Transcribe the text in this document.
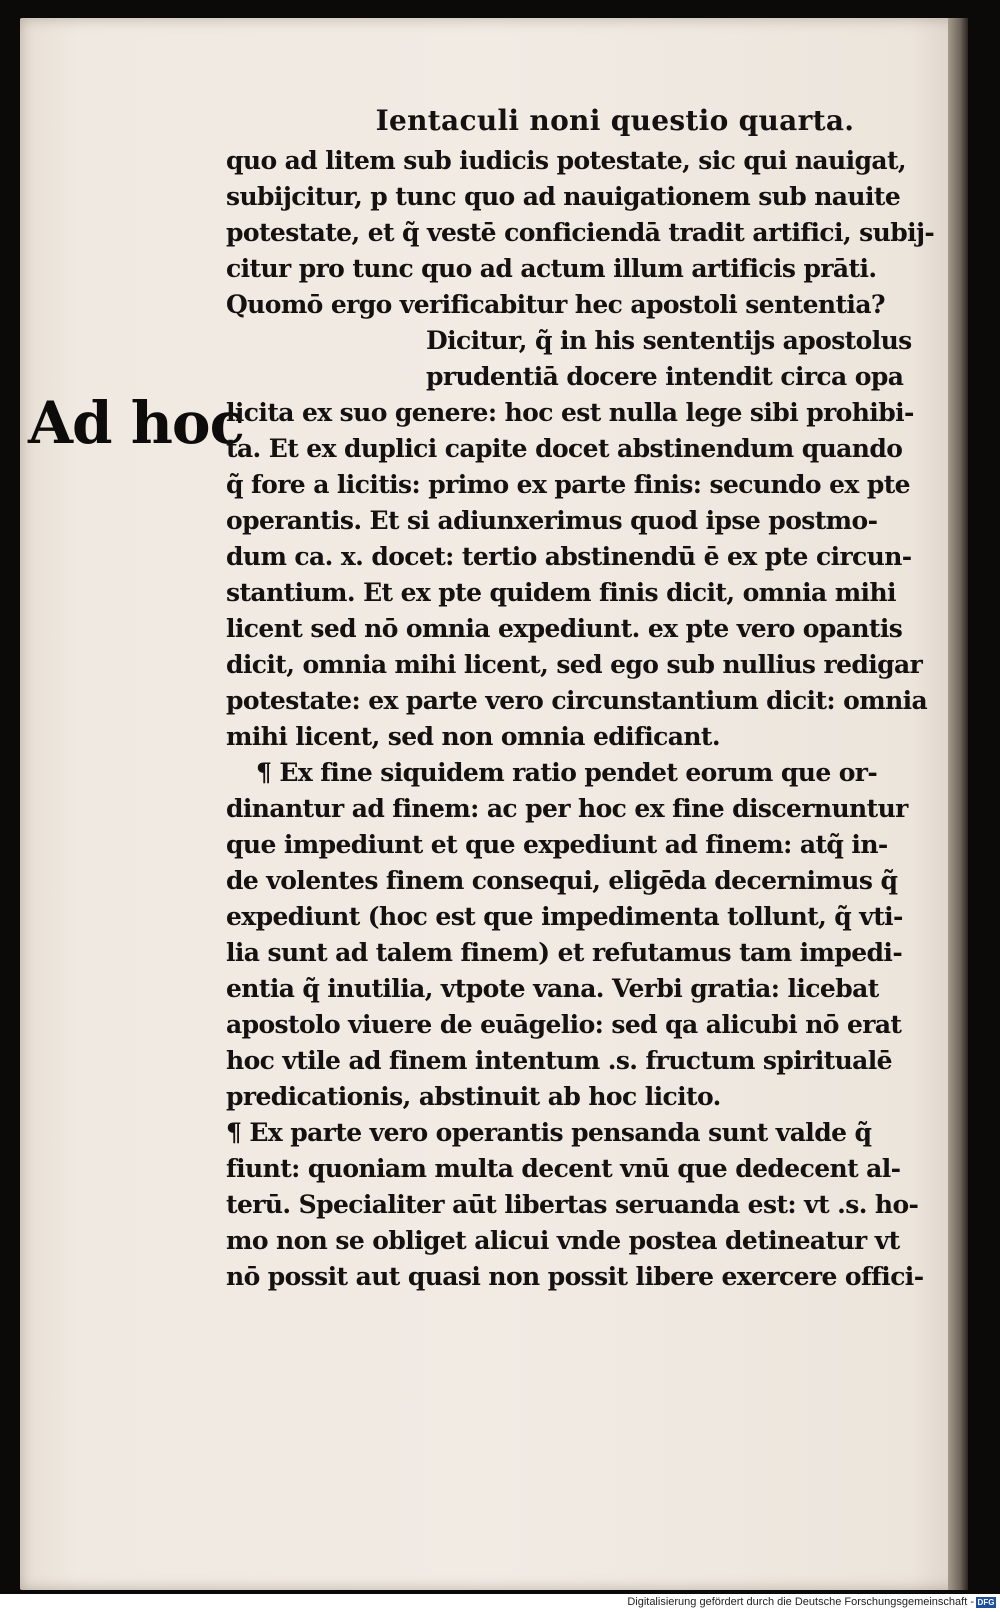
Ad hoc
Ientaculi noni questio quarta.
quo ad litem sub iudicis potestate, sic qui nauigat,
subijcitur, p tunc quo ad nauigationem sub nauite
potestate, et q̃ vestē conficiendā tradit artifici, subij-
citur pro tunc quo ad actum illum artificis prāti.
Quomō ergo verificabitur hec apostoli sententia?
Dicitur, q̃ in his sententijs apostolus
prudentiā docere intendit circa opa
licita ex suo genere: hoc est nulla lege sibi prohibi-
ta. Et ex duplici capite docet abstinendum quando
q̃ fore a licitis: primo ex parte finis: secundo ex pte
operantis. Et si adiunxerimus quod ipse postmo-
dum ca. x. docet: tertio abstinendū ē ex pte circun-
stantium. Et ex pte quidem finis dicit, omnia mihi
licent sed nō omnia expediunt. ex pte vero opantis
dicit, omnia mihi licent, sed ego sub nullius redigar
potestate: ex parte vero circunstantium dicit: omnia
mihi licent, sed non omnia edificant.
¶ Ex fine siquidem ratio pendet eorum que or-
dinantur ad finem: ac per hoc ex fine discernuntur
que impediunt et que expediunt ad finem: atq̃ in-
de volentes finem consequi, eligēda decernimus q̃
expediunt (hoc est que impedimenta tollunt, q̃ vti-
lia sunt ad talem finem) et refutamus tam impedi-
entia q̃ inutilia, vtpote vana. Verbi gratia: licebat
apostolo viuere de euāgelio: sed qa alicubi nō erat
hoc vtile ad finem intentum .s. fructum spiritualē
predicationis, abstinuit ab hoc licito.
¶ Ex parte vero operantis pensanda sunt valde q̃
fiunt: quoniam multa decent vnū que dedecent al-
terū. Specialiter aūt libertas seruanda est: vt .s. ho-
mo non se obliget alicui vnde postea detineatur vt
nō possit aut quasi non possit libere exercere offici-
Digitalisierung gefördert durch die Deutsche Forschungsgemeinschaft - DFG
